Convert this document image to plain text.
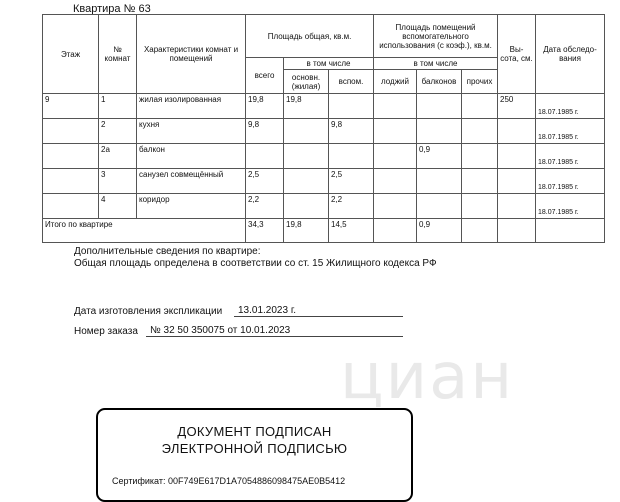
Квартира № 63
Этаж	№ комнат	Характеристики комнат и помещений	Площадь общая, кв.м.			Площадь помещений вспомогательного использования (с коэф.), кв.м.			Вы- сота, см.	Дата обследо- вания
			всего	в том числе		в том числе				
				основн. (жилая)	вспом.	лоджий	балконов	прочих		
9	1	жилая изолированная	19,8	19,8					250	18.07.1985 г.
	2	кухня	9,8		9,8					18.07.1985 г.
	2а	балкон					0,9			18.07.1985 г.
	3	санузел совмещённый	2,5		2,5					18.07.1985 г.
	4	коридор	2,2		2,2					18.07.1985 г.
Итого по квартире			34,3	19,8	14,5		0,9			
циан
Дополнительные сведения по квартире:
Общая площадь определена в соответствии со ст. 15 Жилищного кодекса РФ
Дата изготовления экспликации	13.01.2023 г.
Номер заказа	№ 32 50 350075 от 10.01.2023
ДОКУМЕНТ ПОДПИСАН
ЭЛЕКТРОННОЙ ПОДПИСЬЮ
Сертификат: 00F749E617D1A7054886098475AE0B5412
